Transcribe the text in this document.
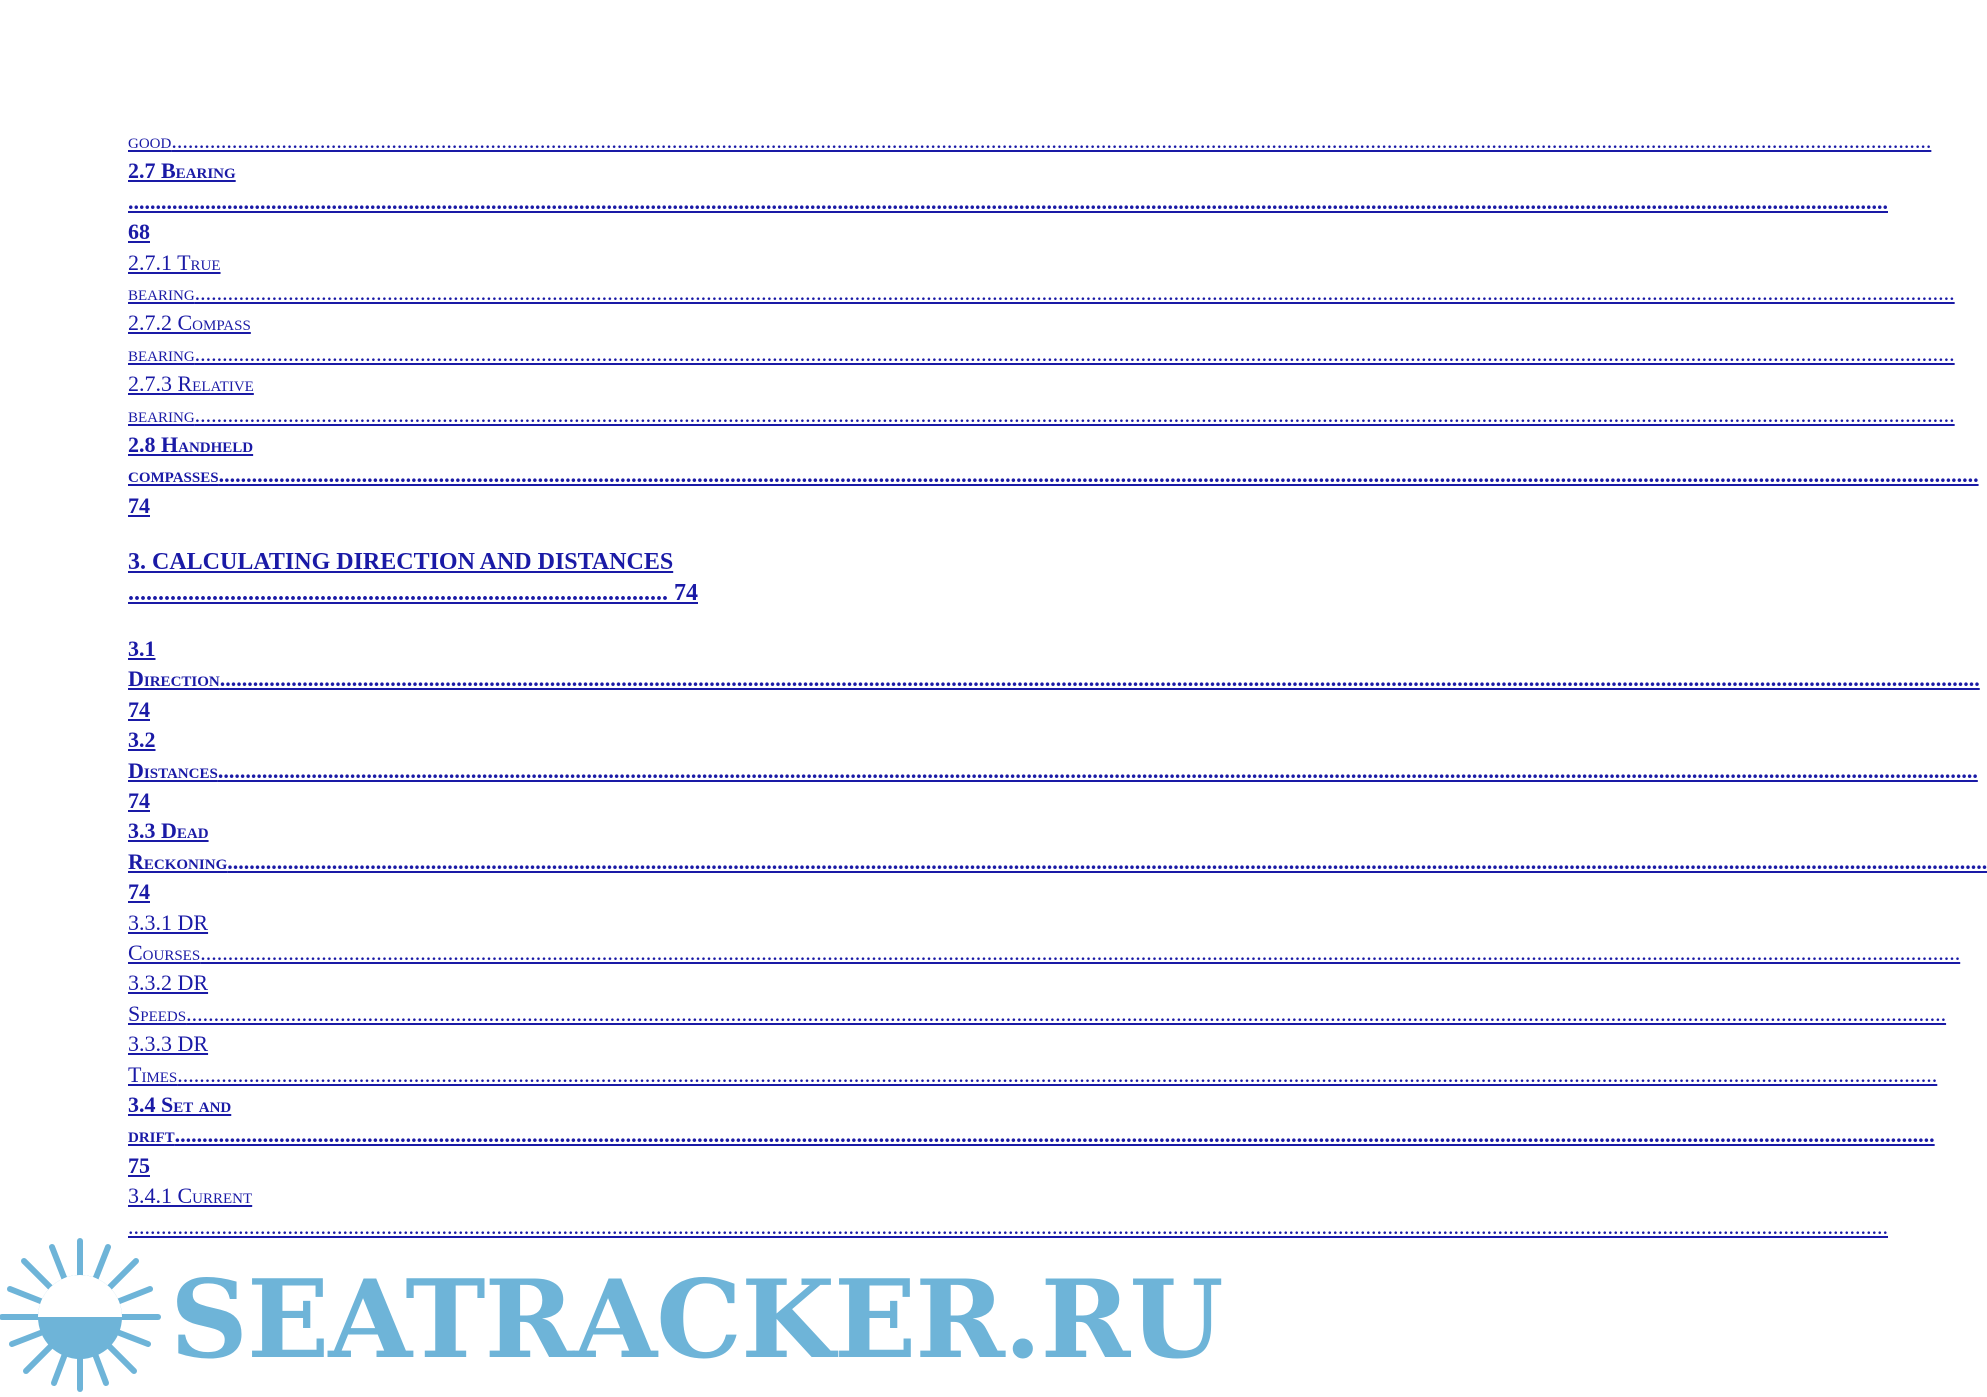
good .....
2.7 Bearing
.....
68
2.7.1 True
bearing .....
2.7.2 Compass
bearing .....
2.7.3 Relative
bearing .....
2.8 Handheld
compasses .....
74
3. CALCULATING DIRECTION AND DISTANCES
.......................................................................................... 74
3.1
Direction .....
74
3.2
Distances .....
74
3.3 Dead
Reckoning .....
74
3.3.1 DR
Courses .....
3.3.2 DR
Speeds .....
3.3.3 DR
Times .....
3.4 Set and
drift .....
75
3.4.1 Current
.....
SEATRACKER.RU
